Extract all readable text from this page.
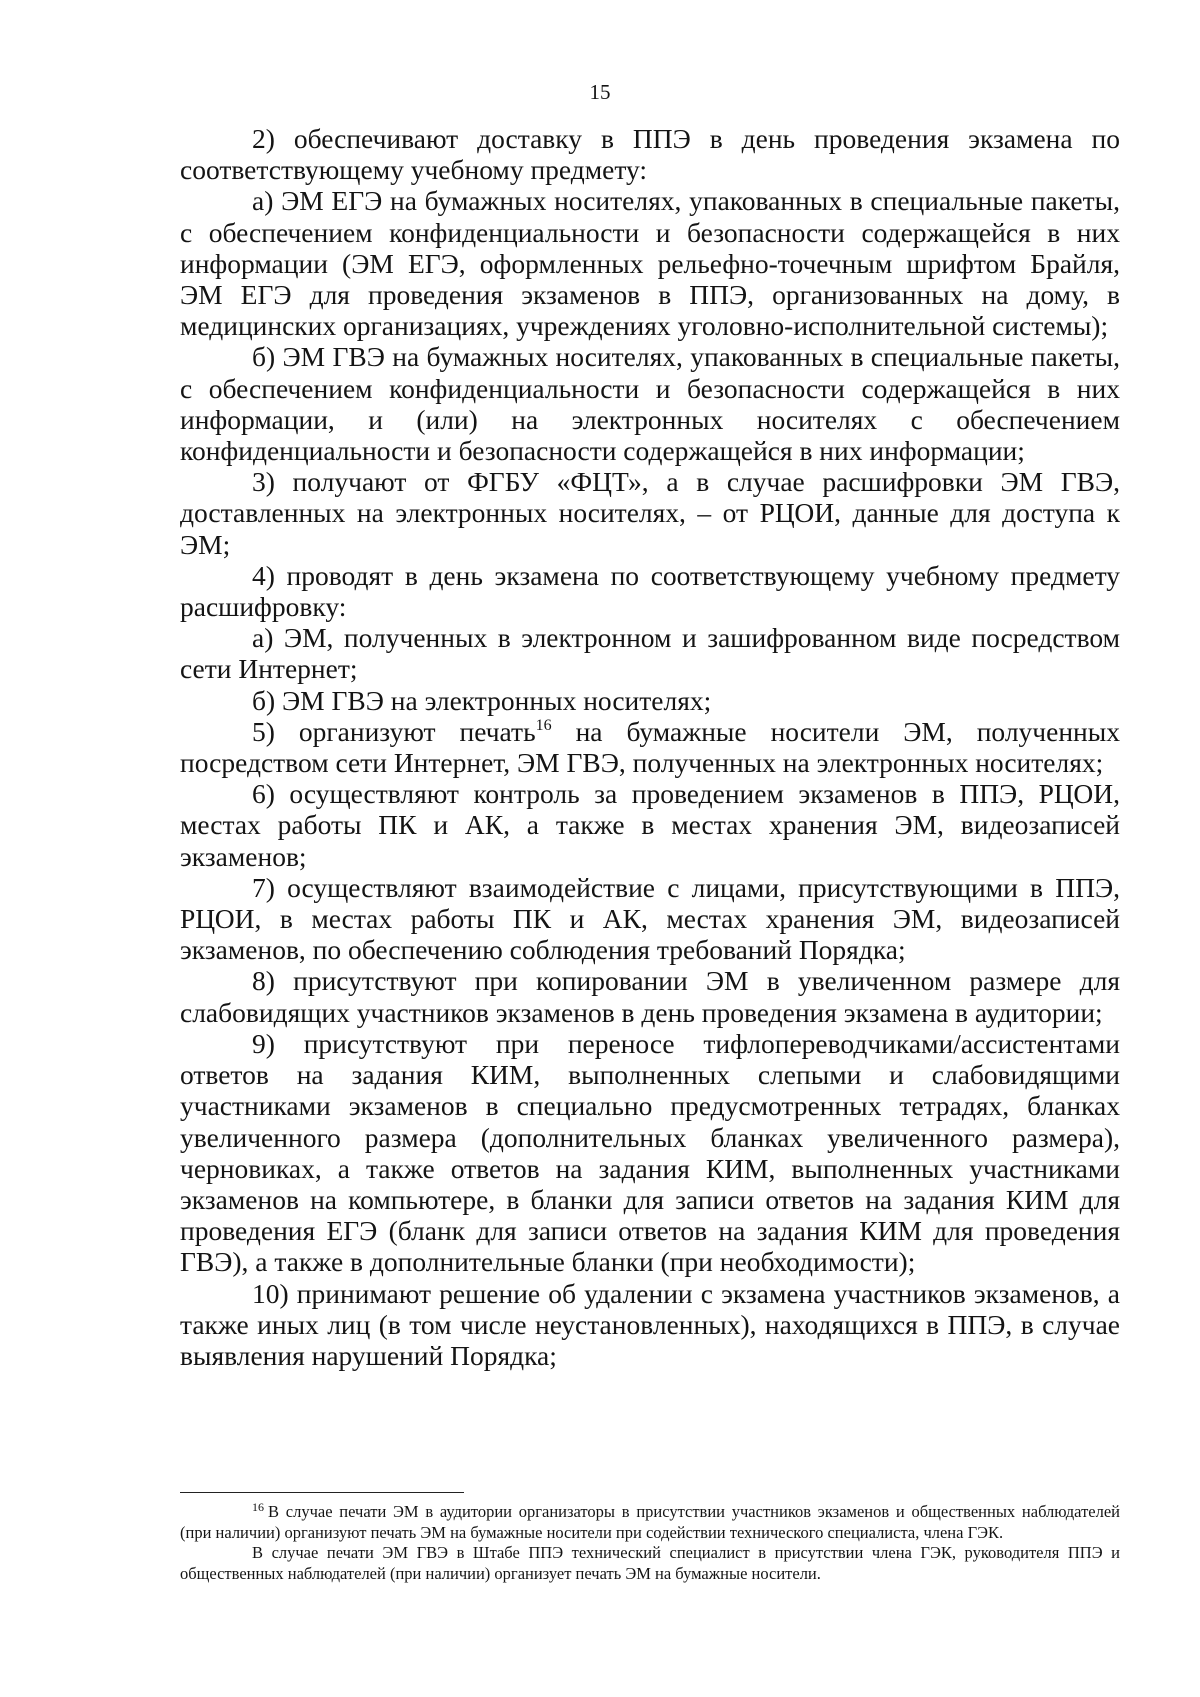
15

2) обеспечивают доставку в ППЭ в день проведения экзамена по соответствующему учебному предмету:

а) ЭМ ЕГЭ на бумажных носителях, упакованных в специальные пакеты, с обеспечением конфиденциальности и безопасности содержащейся в них информации (ЭМ ЕГЭ, оформленных рельефно-точечным шрифтом Брайля, ЭМ ЕГЭ для проведения экзаменов в ППЭ, организованных на дому, в медицинских организациях, учреждениях уголовно-исполнительной системы);

б) ЭМ ГВЭ на бумажных носителях, упакованных в специальные пакеты, с обеспечением конфиденциальности и безопасности содержащейся в них информации, и (или) на электронных носителях с обеспечением конфиденциальности и безопасности содержащейся в них информации;

3) получают от ФГБУ «ФЦТ», а в случае расшифровки ЭМ ГВЭ, доставленных на электронных носителях, – от РЦОИ, данные для доступа к ЭМ;

4) проводят в день экзамена по соответствующему учебному предмету расшифровку:

а) ЭМ, полученных в электронном и зашифрованном виде посредством сети Интернет;

б) ЭМ ГВЭ на электронных носителях;

5) организуют печать$^{16}$ на бумажные носители ЭМ, полученных посредством сети Интернет, ЭМ ГВЭ, полученных на электронных носителях;

6) осуществляют контроль за проведением экзаменов в ППЭ, РЦОИ, местах работы ПК и АК, а также в местах хранения ЭМ, видеозаписей экзаменов;

7) осуществляют взаимодействие с лицами, присутствующими в ППЭ, РЦОИ, в местах работы ПК и АК, местах хранения ЭМ, видеозаписей экзаменов, по обеспечению соблюдения требований Порядка;

8) присутствуют при копировании ЭМ в увеличенном размере для слабовидящих участников экзаменов в день проведения экзамена в аудитории;

9) присутствуют при переносе тифлопереводчиками/ассистентами ответов на задания КИМ, выполненных слепыми и слабовидящими участниками экзаменов в специально предусмотренных тетрадях, бланках увеличенного размера (дополнительных бланках увеличенного размера), черновиках, а также ответов на задания КИМ, выполненных участниками экзаменов на компьютере, в бланки для записи ответов на задания КИМ для проведения ЕГЭ (бланк для записи ответов на задания КИМ для проведения ГВЭ), а также в дополнительные бланки (при необходимости);

10) принимают решение об удалении с экзамена участников экзаменов, а также иных лиц (в том числе неустановленных), находящихся в ППЭ, в случае выявления нарушений Порядка;

$^{16}$ В случае печати ЭМ в аудитории организаторы в присутствии участников экзаменов и общественных наблюдателей (при наличии) организуют печать ЭМ на бумажные носители при содействии технического специалиста, члена ГЭК.

В случае печати ЭМ ГВЭ в Штабе ППЭ технический специалист в присутствии члена ГЭК, руководителя ППЭ и общественных наблюдателей (при наличии) организует печать ЭМ на бумажные носители.
